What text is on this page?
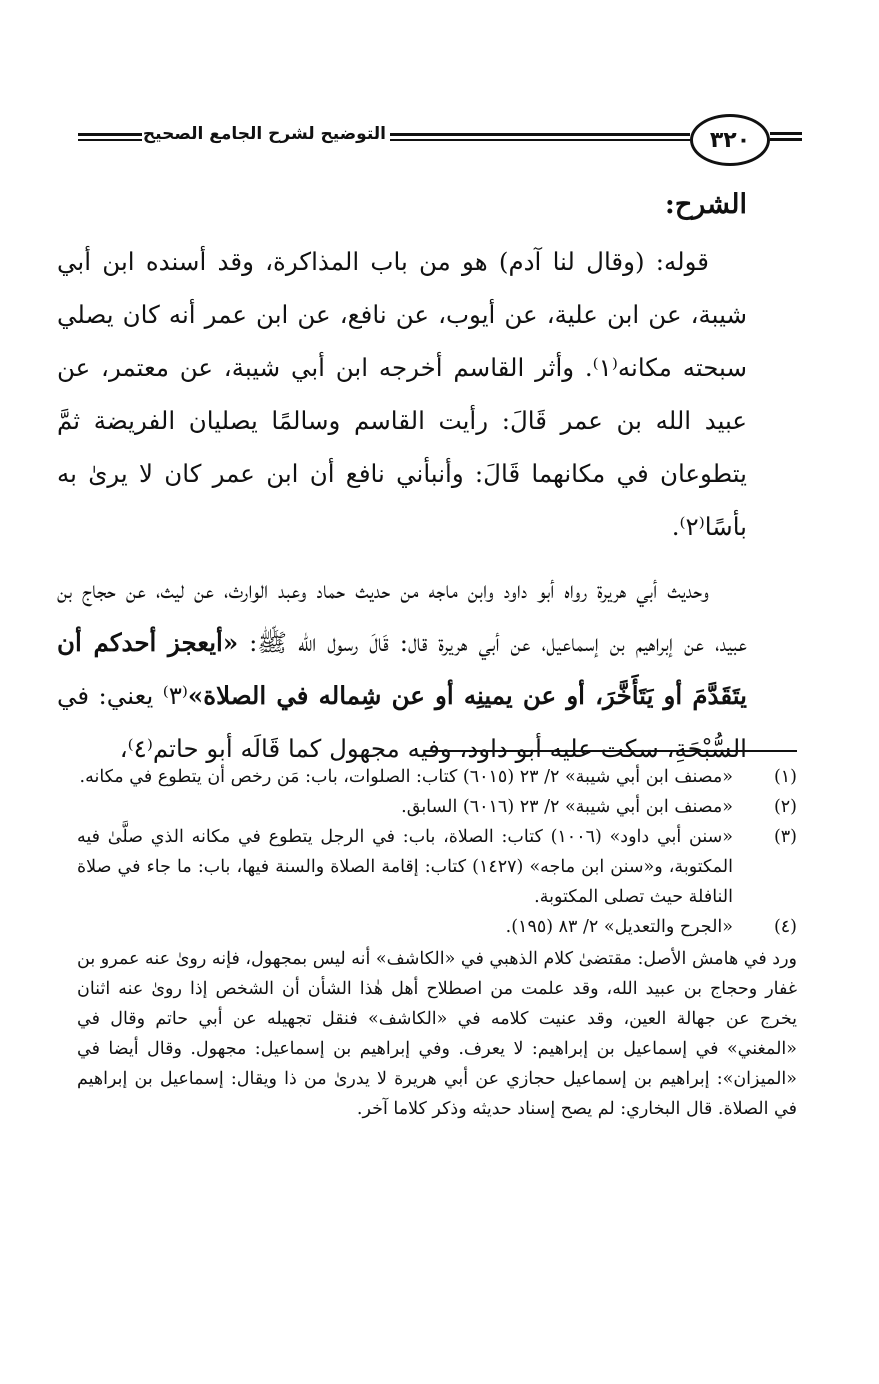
٣٢٠
التوضيح لشرح الجامع الصحيح

الشرح:

قوله: (وقال لنا آدم) هو من باب المذاكرة، وقد أسنده ابن أبي شيبة، عن ابن علية، عن أيوب، عن نافع، عن ابن عمر أنه كان يصلي سبحته مكانه⁽١⁾. وأثر القاسم أخرجه ابن أبي شيبة، عن معتمر، عن عبيد الله بن عمر قَالَ: رأيت القاسم وسالمًا يصليان الفريضة ثمَّ يتطوعان في مكانهما قَالَ: وأنبأني نافع أن ابن عمر كان لا يرىٰ به بأسًا⁽٢⁾.

وحديث أبي هريرة رواه أبو داود وابن ماجه من حديث حماد وعبد الوارث، عن ليث، عن حجاج بن عبيد، عن إبراهيم بن إسماعيل، عن أبي هريرة قال: قَالَ رسول الله ﷺ: «أيعجز أحدكم أن يتَقَدَّمَ أو يَتَأَخَّرَ، أو عن يمينِه أو عن شِماله في الصلاة»⁽٣⁾ يعني: في السُّبْحَةِ، سكت عليه أبو داود، وفيه مجهول كما قَالَه أبو حاتم⁽٤⁾،

(١)
«مصنف ابن أبي شيبة» ٢/ ٢٣ (٦٠١٥) كتاب: الصلوات، باب: مَن رخص أن يتطوع في مكانه.
(٢)
«مصنف ابن أبي شيبة» ٢/ ٢٣ (٦٠١٦) السابق.
(٣)
«سنن أبي داود» (١٠٠٦) كتاب: الصلاة، باب: في الرجل يتطوع في مكانه الذي صلَّىٰ فيه المكتوبة، و«سنن ابن ماجه» (١٤٢٧) كتاب: إقامة الصلاة والسنة فيها، باب: ما جاء في صلاة النافلة حيث تصلى المكتوبة.
(٤)
«الجرح والتعديل» ٢/ ٨٣ (١٩٥).
ورد في هامش الأصل: مقتضىٰ كلام الذهبي في «الكاشف» أنه ليس بمجهول، فإنه روىٰ عنه عمرو بن غفار وحجاج بن عبيد الله، وقد علمت من اصطلاح أهل هٰذا الشأن أن الشخص إذا روىٰ عنه اثنان يخرج عن جهالة العين، وقد عنيت كلامه في «الكاشف» فنقل تجهيله عن أبي حاتم وقال في «المغني» في إسماعيل بن إبراهيم: لا يعرف. وفي إبراهيم بن إسماعيل: مجهول. وقال أيضا في «الميزان»: إبراهيم بن إسماعيل حجازي عن أبي هريرة لا يدرىٰ من ذا ويقال: إسماعيل بن إبراهيم في الصلاة. قال البخاري: لم يصح إسناد حديثه وذكر كلاما آخر.
